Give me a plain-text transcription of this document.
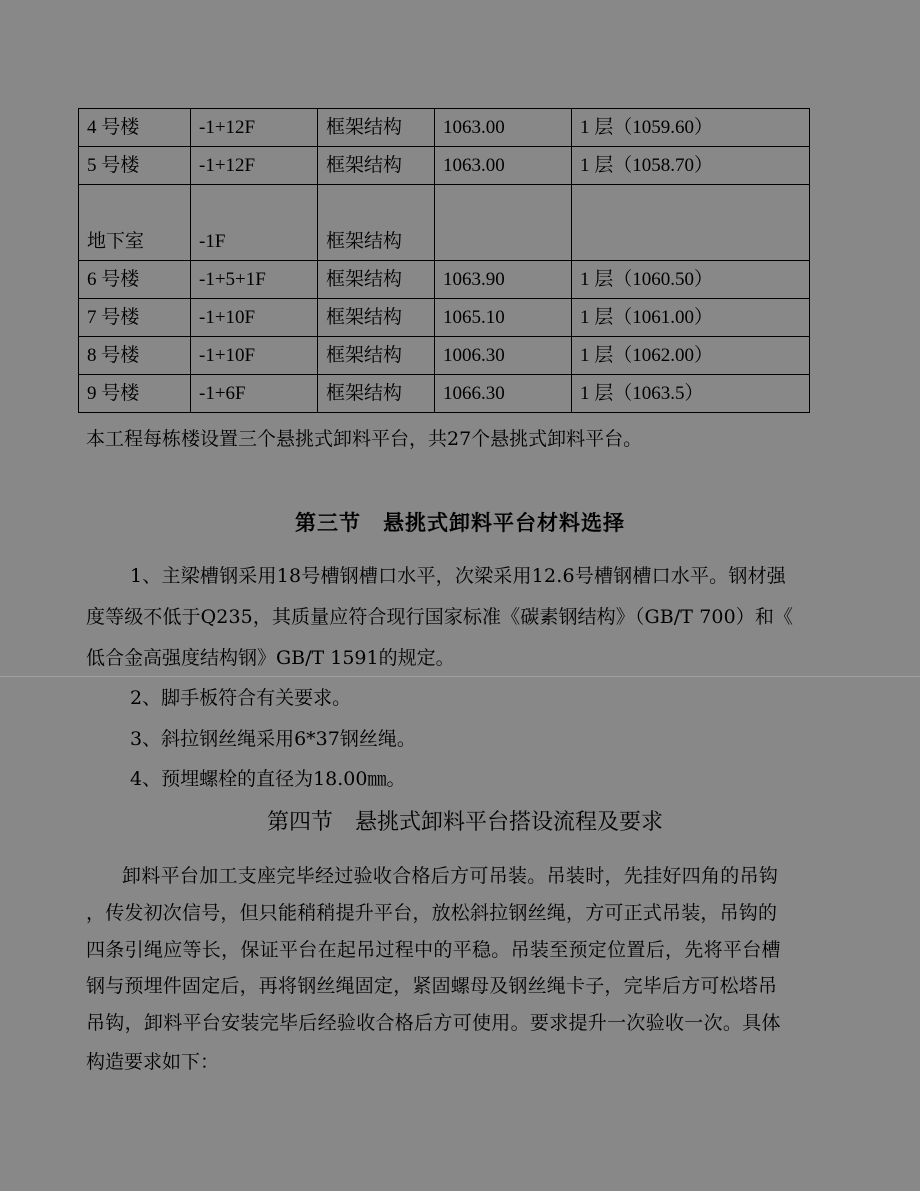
4 号楼	-1+12F	框架结构	1063.00	1 层（1059.60）
5 号楼	-1+12F	框架结构	1063.00	1 层（1058.70）
地下室	-1F	框架结构		
6 号楼	-1+5+1F	框架结构	1063.90	1 层（1060.50）
7 号楼	-1+10F	框架结构	1065.10	1 层（1061.00）
8 号楼	-1+10F	框架结构	1006.30	1 层（1062.00）
9 号楼	-1+6F	框架结构	1066.30	1 层（1063.5）
本工程每栋楼设置三个悬挑式卸料平台，共27个悬挑式卸料平台。
第三节　悬挑式卸料平台材料选择
1、主梁槽钢采用18号槽钢槽口水平，次梁采用12.6号槽钢槽口水平。钢材强
度等级不低于Q235，其质量应符合现行国家标准《碳素钢结构》（GB/T 700）和《
低合金高强度结构钢》GB/T 1591的规定。
2、脚手板符合有关要求。
3、斜拉钢丝绳采用6*37钢丝绳。
4、预埋螺栓的直径为18.00㎜。
第四节　悬挑式卸料平台搭设流程及要求
卸料平台加工支座完毕经过验收合格后方可吊装。吊装时，先挂好四角的吊钩
，传发初次信号，但只能稍稍提升平台，放松斜拉钢丝绳，方可正式吊装，吊钩的
四条引绳应等长，保证平台在起吊过程中的平稳。吊装至预定位置后，先将平台槽
钢与预埋件固定后，再将钢丝绳固定，紧固螺母及钢丝绳卡子，完毕后方可松塔吊
吊钩，卸料平台安装完毕后经验收合格后方可使用。要求提升一次验收一次。具体
构造要求如下：
